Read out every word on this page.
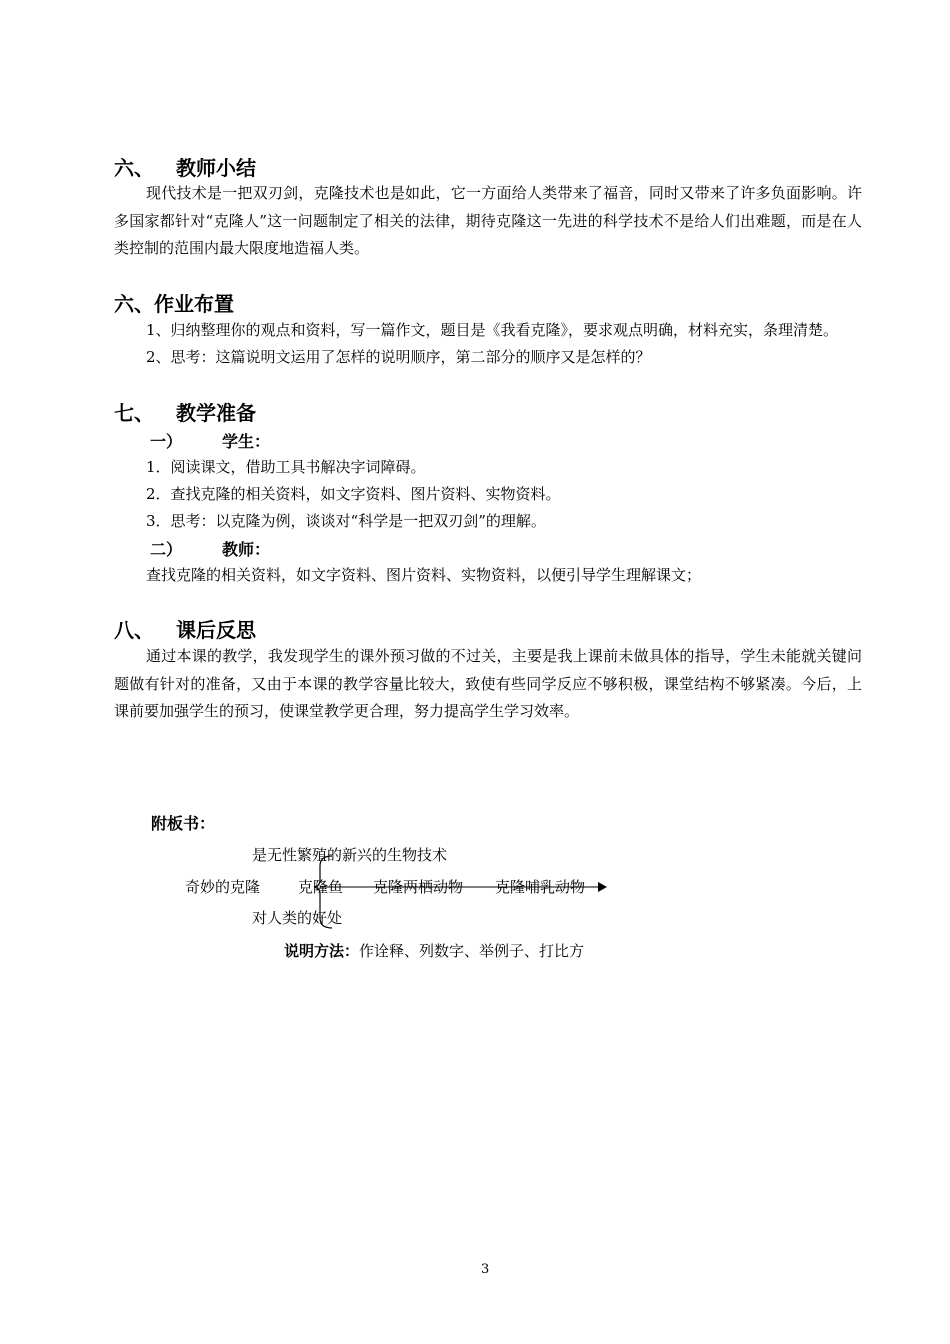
六、 教师小结
现代技术是一把双刃剑，克隆技术也是如此，它一方面给人类带来了福音，同时又带来了许多负面影响。许多国家都针对“克隆人”这一问题制定了相关的法律，期待克隆这一先进的科学技术不是给人们出难题，而是在人类控制的范围内最大限度地造福人类。
六、作业布置
1、归纳整理你的观点和资料，写一篇作文，题目是《我看克隆》，要求观点明确，材料充实，条理清楚。
2、思考：这篇说明文运用了怎样的说明顺序，第二部分的顺序又是怎样的？
七、 教学准备
一）	学生：
1．阅读课文，借助工具书解决字词障碍。
2．查找克隆的相关资料，如文字资料、图片资料、实物资料。
3．思考：以克隆为例，谈谈对“科学是一把双刃剑”的理解。
二）	教师：
查找克隆的相关资料，如文字资料、图片资料、实物资料，以便引导学生理解课文；
八、 课后反思
通过本课的教学，我发现学生的课外预习做的不过关，主要是我上课前未做具体的指导，学生未能就关键问题做有针对的准备，又由于本课的教学容量比较大，致使有些同学反应不够积极，课堂结构不够紧凑。今后，上课前要加强学生的预习，使课堂教学更合理，努力提高学生学习效率。
附板书：
是无性繁殖的新兴的生物技术
奇妙的克隆	克隆鱼 克隆两栖动物 克隆哺乳动物
对人类的好处
说明方法：作诠释、列数字、举例子、打比方
3
